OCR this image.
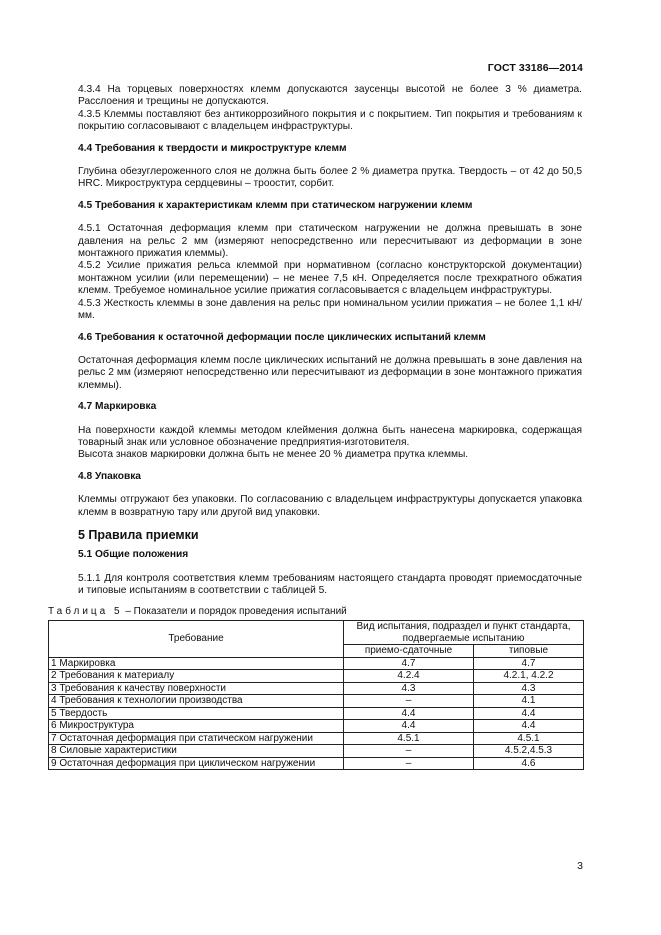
ГОСТ 33186—2014

4.3.4 На торцевых поверхностях клемм допускаются заусенцы высотой не более 3 % диаметра. Расслоения и трещины не допускаются.

4.3.5 Клеммы поставляют без антикоррозийного покрытия и с покрытием. Тип покрытия и требованиям к покрытию согласовывают с владельцем инфраструктуры.

4.4 Требования к твердости и микроструктуре клемм

Глубина обезуглероженного слоя не должна быть более 2 % диаметра прутка. Твердость – от 42 до 50,5 HRC. Микроструктура сердцевины – троостит, сорбит.

4.5 Требования к характеристикам клемм при статическом нагружении клемм

4.5.1 Остаточная деформация клемм при статическом нагружении не должна превышать в зоне давления на рельс 2 мм (измеряют непосредственно или пересчитывают из деформации в зоне монтажного прижатия клеммы).

4.5.2 Усилие прижатия рельса клеммой при нормативном (согласно конструкторской документации) монтажном усилии (или перемещении) – не менее 7,5 кН. Определяется после трехкратного обжатия клемм. Требуемое номинальное усилие прижатия согласовывается с владельцем инфраструктуры.

4.5.3 Жесткость клеммы в зоне давления на рельс при номинальном усилии прижатия – не более 1,1 кН/мм.

4.6 Требования к остаточной деформации после циклических испытаний клемм

Остаточная деформация клемм после циклических испытаний не должна превышать в зоне давления на рельс 2 мм (измеряют непосредственно или пересчитывают из деформации в зоне монтажного прижатия клеммы).

4.7 Маркировка

На поверхности каждой клеммы методом клеймения должна быть нанесена маркировка, содержащая товарный знак или условное обозначение предприятия-изготовителя.

Высота знаков маркировки должна быть не менее 20 % диаметра прутка клеммы.

4.8 Упаковка

Клеммы отгружают без упаковки. По согласованию с владельцем инфраструктуры допускается упаковка клемм в возвратную тару или другой вид упаковки.

5 Правила приемки

5.1 Общие положения

5.1.1 Для контроля соответствия клемм требованиям настоящего стандарта проводят приемосдаточные и типовые испытаниям в соответствии с таблицей 5.

Таблица 5 – Показатели и порядок проведения испытаний

Требование	Вид испытания, подраздел и пункт стандарта, подвергаемые испытанию	
	приемо-сдаточные	типовые
1 Маркировка	4.7	4.7
2 Требования к материалу	4.2.4	4.2.1, 4.2.2
3 Требования к качеству поверхности	4.3	4.3
4 Требования к технологии производства	–	4.1
5 Твердость	4.4	4.4
6 Микроструктура	4.4	4.4
7 Остаточная деформация при статическом нагружении	4.5.1	4.5.1
8 Силовые характеристики	–	4.5.2,4.5.3
9 Остаточная деформация при циклическом нагружении	–	4.6
3
